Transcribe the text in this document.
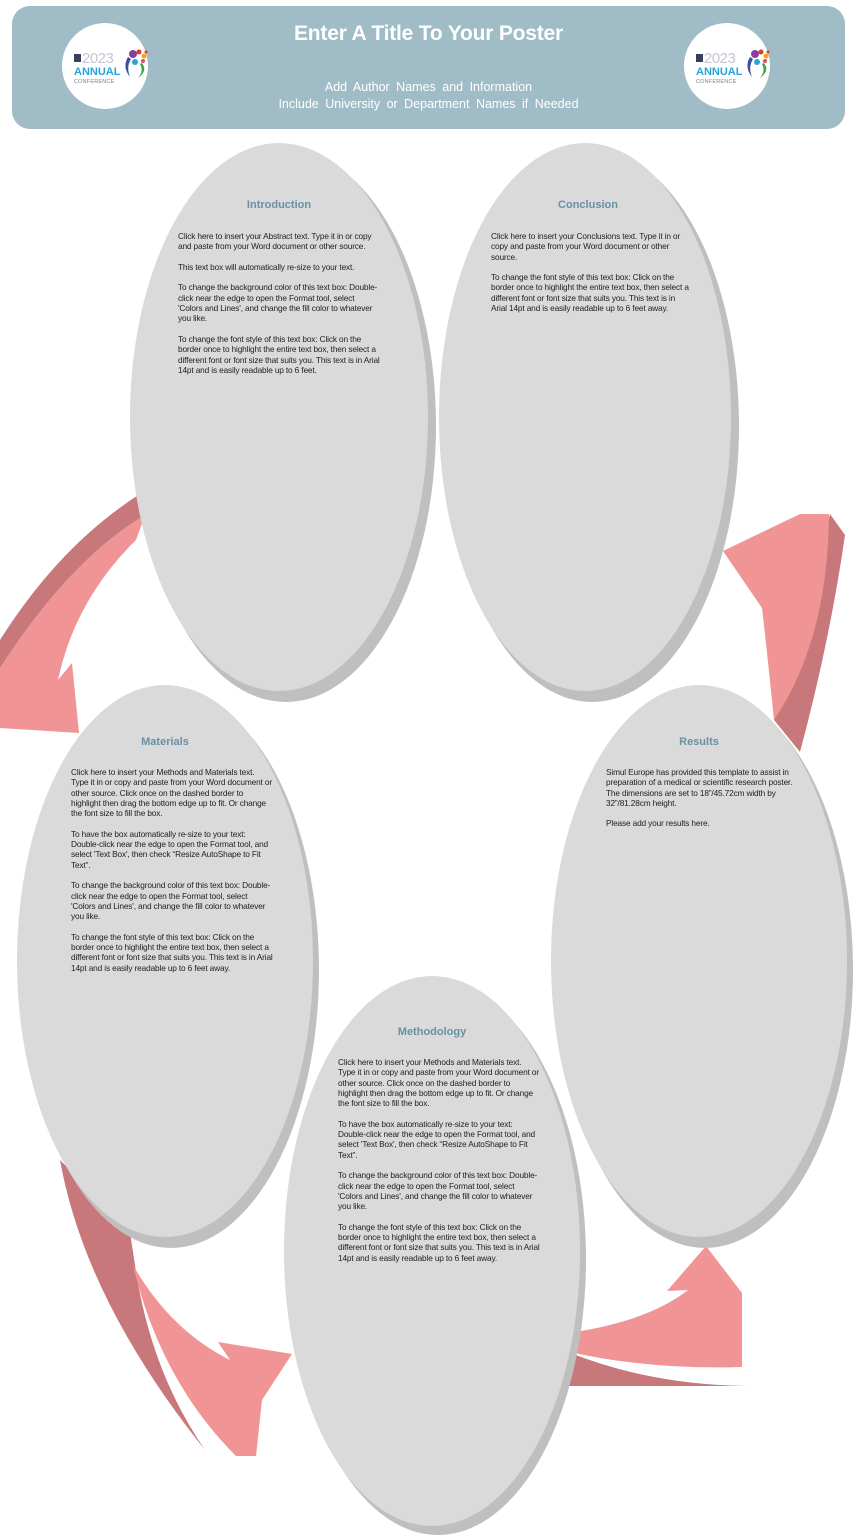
2023
ANNUAL
CONFERENCE
Enter A Title To Your Poster
Add Author Names and Information
Include University or Department Names if Needed
2023
ANNUAL
CONFERENCE
Introduction

Click here to insert your Abstract text. Type it in or copy and paste from your Word document or other source.

This text box will automatically re-size to your text.

To change the background color of this text box: Double-click near the edge to open the Format tool, select 'Colors and Lines', and change the fill color to whatever you like.

To change the font style of this text box: Click on the border once to highlight the entire text box, then select a different font or font size that suits you. This text is in Arial 14pt and is easily readable up to 6 feet.

Conclusion

Click here to insert your Conclusions text. Type it in or copy and paste from your Word document or other source.

To change the font style of this text box: Click on the border once to highlight the entire text box, then select a different font or font size that suits you. This text is in Arial 14pt and is easily readable up to 6 feet away.

Results

Simul Europe has provided this template to assist in preparation of a medical or scientific research poster. The dimensions are set to 18”/45.72cm width by 32”/81.28cm height.

Please add your results here.

Materials

Click here to insert your Methods and Materials text. Type it in or copy and paste from your Word document or other source. Click once on the dashed border to highlight then drag the bottom edge up to fit. Or change the font size to fill the box.

To have the box automatically re-size to your text: Double-click near the edge to open the Format tool, and select 'Text Box', then check “Resize AutoShape to Fit Text”.

To change the background color of this text box: Double-click near the edge to open the Format tool, select 'Colors and Lines', and change the fill color to whatever you like.

To change the font style of this text box: Click on the border once to highlight the entire text box, then select a different font or font size that suits you. This text is in Arial 14pt and is easily readable up to 6 feet away.

Methodology

Click here to insert your Methods and Materials text. Type it in or copy and paste from your Word document or other source. Click once on the dashed border to highlight then drag the bottom edge up to fit. Or change the font size to fill the box.

To have the box automatically re-size to your text: Double-click near the edge to open the Format tool, and select 'Text Box', then check “Resize AutoShape to Fit Text”.

To change the background color of this text box: Double-click near the edge to open the Format tool, select 'Colors and Lines', and change the fill color to whatever you like.

To change the font style of this text box: Click on the border once to highlight the entire text box, then select a different font or font size that suits you. This text is in Arial 14pt and is easily readable up to 6 feet away.
